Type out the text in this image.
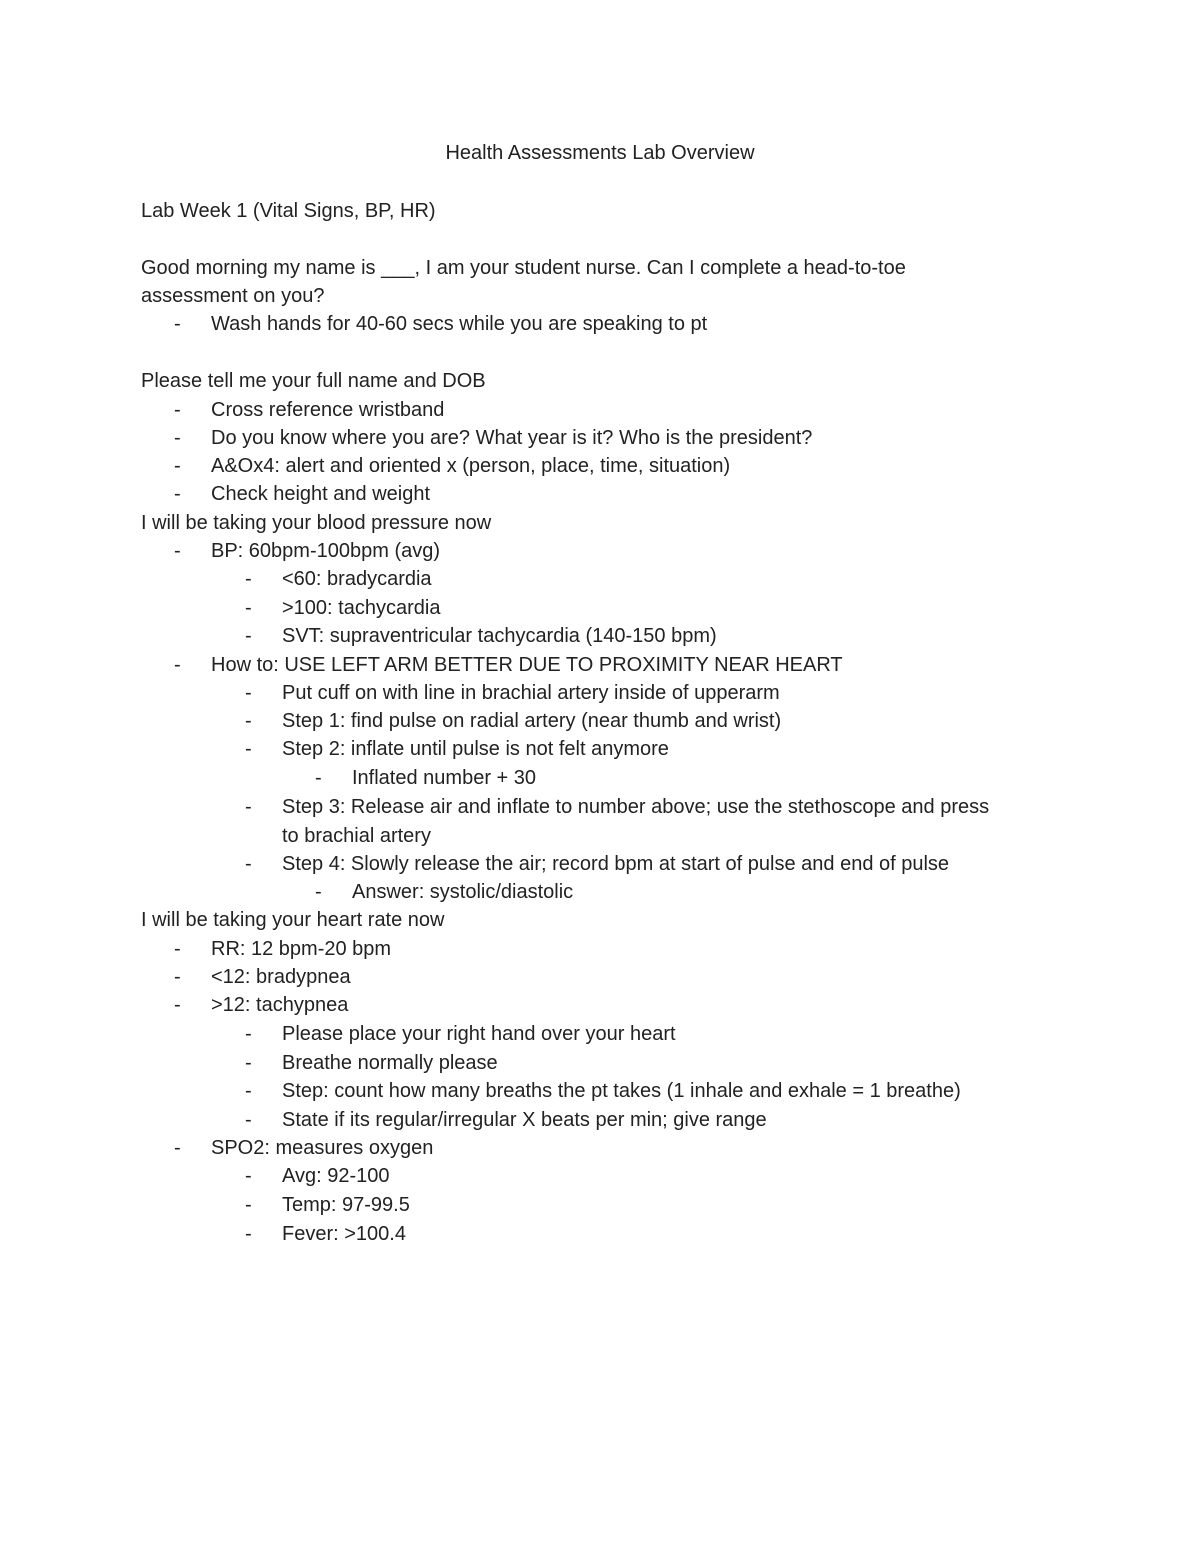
Health Assessments Lab Overview
Lab Week 1 (Vital Signs, BP, HR)
Good morning my name is ___, I am your student nurse. Can I complete a head-to-toe
assessment on you?
- Wash hands for 40-60 secs while you are speaking to pt
Please tell me your full name and DOB
- Cross reference wristband
- Do you know where you are? What year is it? Who is the president?
- A&Ox4: alert and oriented x (person, place, time, situation)
- Check height and weight
I will be taking your blood pressure now
- BP: 60bpm-100bpm (avg)
- <60: bradycardia
- >100: tachycardia
- SVT: supraventricular tachycardia (140-150 bpm)
- How to: USE LEFT ARM BETTER DUE TO PROXIMITY NEAR HEART
- Put cuff on with line in brachial artery inside of upperarm
- Step 1: find pulse on radial artery (near thumb and wrist)
- Step 2: inflate until pulse is not felt anymore
- Inflated number + 30
- Step 3: Release air and inflate to number above; use the stethoscope and press
to brachial artery
- Step 4: Slowly release the air; record bpm at start of pulse and end of pulse
- Answer: systolic/diastolic
I will be taking your heart rate now
- RR: 12 bpm-20 bpm
- <12: bradypnea
- >12: tachypnea
- Please place your right hand over your heart
- Breathe normally please
- Step: count how many breaths the pt takes (1 inhale and exhale = 1 breathe)
- State if its regular/irregular X beats per min; give range
- SPO2: measures oxygen
- Avg: 92-100
- Temp: 97-99.5
- Fever: >100.4
